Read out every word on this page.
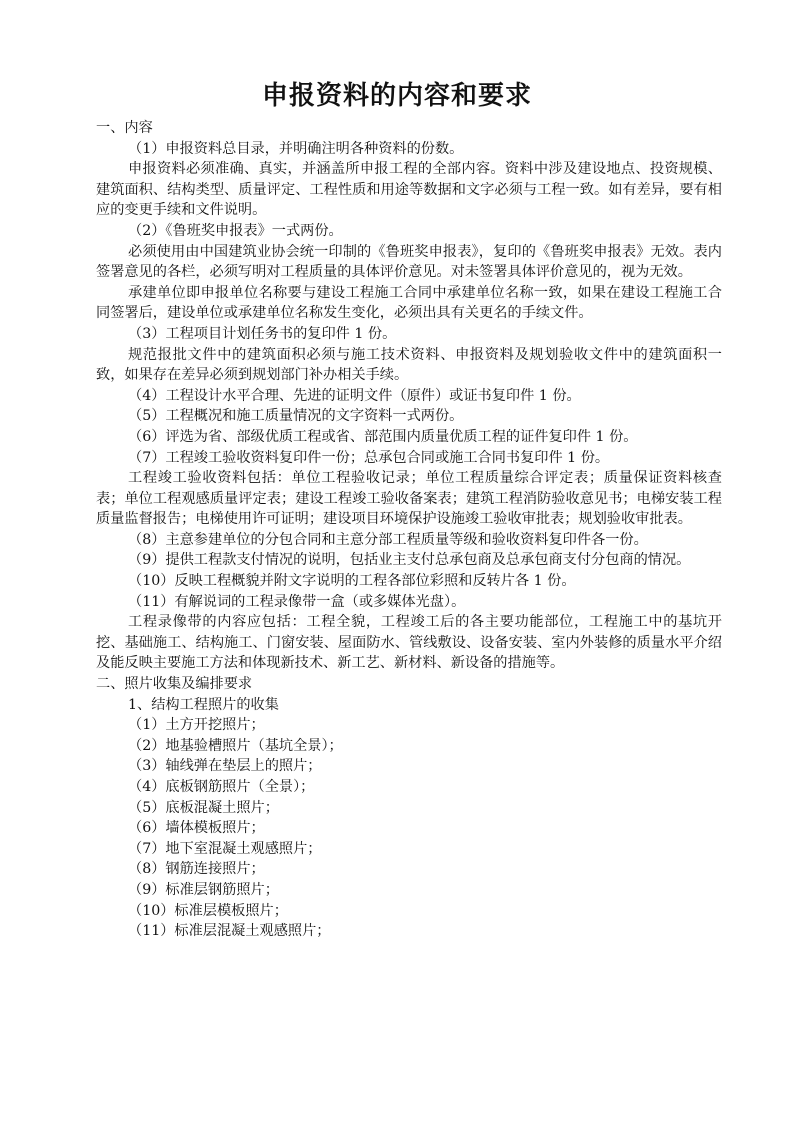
申报资料的内容和要求

一、内容

（1）申报资料总目录，并明确注明各种资料的份数。

申报资料必须准确、真实，并涵盖所申报工程的全部内容。资料中涉及建设地点、投资规模、建筑面积、结构类型、质量评定、工程性质和用途等数据和文字必须与工程一致。如有差异，要有相应的变更手续和文件说明。

（2）《鲁班奖申报表》一式两份。

必须使用由中国建筑业协会统一印制的《鲁班奖申报表》，复印的《鲁班奖申报表》无效。表内签署意见的各栏，必须写明对工程质量的具体评价意见。对未签署具体评价意见的，视为无效。

承建单位即申报单位名称要与建设工程施工合同中承建单位名称一致，如果在建设工程施工合同签署后，建设单位或承建单位名称发生变化，必须出具有关更名的手续文件。

（3）工程项目计划任务书的复印件 1 份。

规范报批文件中的建筑面积必须与施工技术资料、申报资料及规划验收文件中的建筑面积一致，如果存在差异必须到规划部门补办相关手续。

（4）工程设计水平合理、先进的证明文件（原件）或证书复印件 1 份。

（5）工程概况和施工质量情况的文字资料一式两份。

（6）评选为省、部级优质工程或省、部范围内质量优质工程的证件复印件 1 份。

（7）工程竣工验收资料复印件一份；总承包合同或施工合同书复印件 1 份。

工程竣工验收资料包括：单位工程验收记录；单位工程质量综合评定表；质量保证资料核查表；单位工程观感质量评定表；建设工程竣工验收备案表；建筑工程消防验收意见书；电梯安装工程质量监督报告；电梯使用许可证明；建设项目环境保护设施竣工验收审批表；规划验收审批表。

（8）主意参建单位的分包合同和主意分部工程质量等级和验收资料复印件各一份。

（9）提供工程款支付情况的说明，包括业主支付总承包商及总承包商支付分包商的情况。

（10）反映工程概貌并附文字说明的工程各部位彩照和反转片各 1 份。

（11）有解说词的工程录像带一盒（或多媒体光盘）。

工程录像带的内容应包括：工程全貌，工程竣工后的各主要功能部位，工程施工中的基坑开挖、基础施工、结构施工、门窗安装、屋面防水、管线敷设、设备安装、室内外装修的质量水平介绍及能反映主要施工方法和体现新技术、新工艺、新材料、新设备的措施等。

二、照片收集及编排要求

1、结构工程照片的收集

（1）土方开挖照片；

（2）地基验槽照片（基坑全景）；

（3）轴线弹在垫层上的照片；

（4）底板钢筋照片（全景）；

（5）底板混凝土照片；

（6）墙体模板照片；

（7）地下室混凝土观感照片；

（8）钢筋连接照片；

（9）标准层钢筋照片；

（10）标准层模板照片；

（11）标准层混凝土观感照片；
